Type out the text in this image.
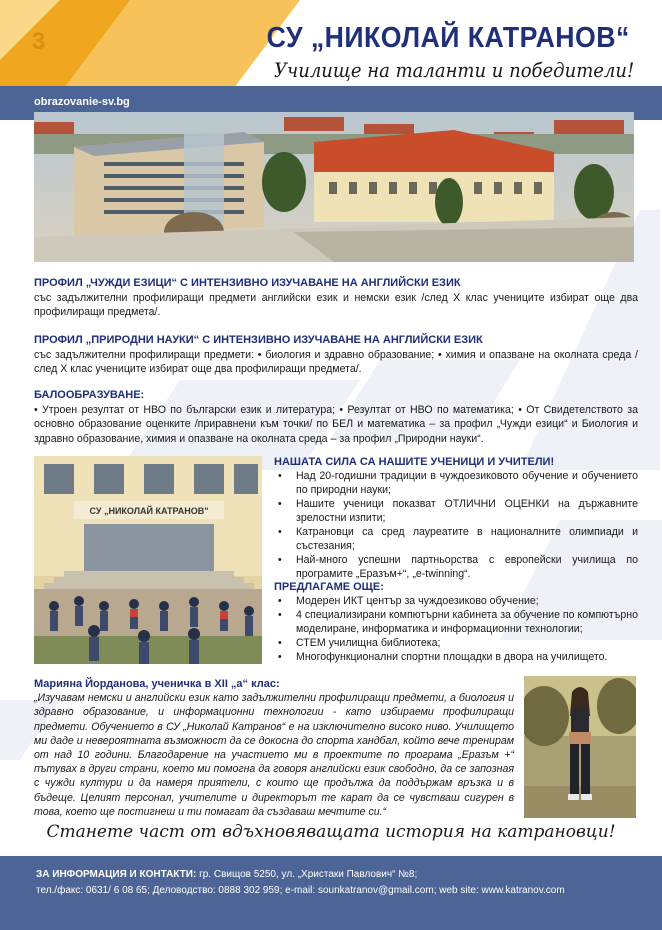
3	СУ „НИКОЛАЙ КАТРАНОВ“
Училище на таланти и победители!
obrazovanie-sv.bg
ПРОФИЛ „ЧУЖДИ ЕЗИЦИ“ С ИНТЕНЗИВНО ИЗУЧАВАНЕ НА АНГЛИЙСКИ ЕЗИК
със задължителни профилиращи предмети английски език и немски език /след X клас учениците избират още два профилиращи предмета/.
ПРОФИЛ „ПРИРОДНИ НАУКИ“ С ИНТЕНЗИВНО ИЗУЧАВАНЕ НА АНГЛИЙСКИ ЕЗИК
със задължителни профилиращи предмети: • биология и здравно образование; • химия и опазване на околната среда /след X клас учениците избират още два профилиращи предмета/.
БАЛООБРАЗУВАНЕ:
• Утроен резултат от НВО по български език и литература; • Резултат от НВО по математика; • От Свидетелството за основно образование оценките /приравнени към точки/ по БЕЛ и математика – за профил „Чужди езици“ и Биология и здравно образование, химия и опазване на околната среда – за профил „Природни науки“.
СУ „НИКОЛАЙ КАТРАНОВ"
НАШАТА СИЛА СА НАШИТЕ УЧЕНИЦИ И УЧИТЕЛИ!
• Над 20-годишни традиции в чуждоезиковото обучение и обучението по природни науки;
• Нашите ученици показват ОТЛИЧНИ ОЦЕНКИ на държавните зрелостни изпити;
• Катрановци са сред лауреатите в националните олимпиади и състезания;
• Най-много успешни партньорства с европейски училища по програмите „Еразъм+“, „e-twinning“.
ПРЕДЛАГАМЕ ОЩЕ:
• Модерен ИКТ център за чуждоезиково обучение;
• 4 специализирани компютърни кабинета за обучение по компютърно моделиране, информатика и информационни технологии;
• СТЕМ училищна библиотека;
• Многофункционални спортни площадки в двора на училището.
Марияна Йорданова, ученичка в XII „а“ клас:
„Изучавам немски и английски език като задължителни профилиращи предмети, а биология и здравно образование, и информационни технологии - като избираеми профилиращи предмети. Обучението в СУ „Николай Катранов“ е на изключително високо ниво. Училището ми даде и невероятната възможност да се докосна до спорта хандбал, който вече тренирам от над 10 години. Благодарение на участието ми в проектите по програма „Еразъм +“ пътувах в други страни, което ми помогна да говоря английски език свободно, да се запозная с чужди култури и да намеря приятели, с които ще продължа да поддържам връзка и в бъдеще. Целият персонал, учителите и директорът те карат да се чувстваш сигурен в това, което ще постигнеш и ти помагат да създаваш мечтите си.“
Станете част от вдъхновяващата история на катрановци!
ЗА ИНФОРМАЦИЯ И КОНТАКТИ: гр. Свищов 5250, ул. „Христаки Павлович“ №8;
тел./факс: 0631/ 6 08 65; Деловодство: 0888 302 959; e-mail: sounkatranov@gmail.com; web site: www.katranov.com
